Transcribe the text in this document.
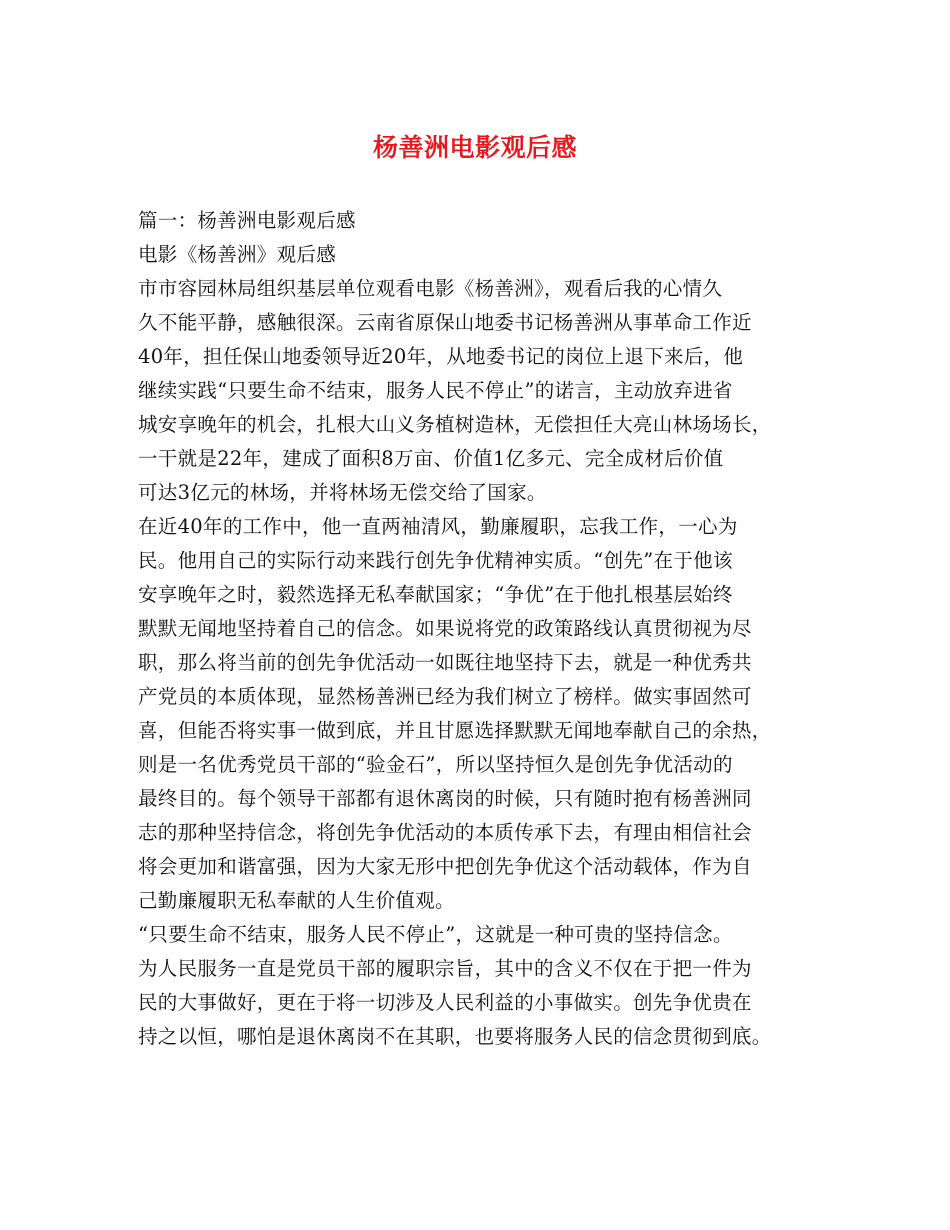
杨善洲电影观后感
篇一：杨善洲电影观后感
电影《杨善洲》观后感
市市容园林局组织基层单位观看电影《杨善洲》，观看后我的心情久
久不能平静，感触很深。云南省原保山地委书记杨善洲从事革命工作近
40年，担任保山地委领导近20年，从地委书记的岗位上退下来后，他
继续实践“只要生命不结束，服务人民不停止”的诺言，主动放弃进省
城安享晚年的机会，扎根大山义务植树造林，无偿担任大亮山林场场长，
一干就是22年，建成了面积8万亩、价值1亿多元、完全成材后价值
可达3亿元的林场，并将林场无偿交给了国家。
在近40年的工作中，他一直两袖清风，勤廉履职，忘我工作，一心为
民。他用自己的实际行动来践行创先争优精神实质。“创先”在于他该
安享晚年之时，毅然选择无私奉献国家；“争优”在于他扎根基层始终
默默无闻地坚持着自己的信念。如果说将党的政策路线认真贯彻视为尽
职，那么将当前的创先争优活动一如既往地坚持下去，就是一种优秀共
产党员的本质体现，显然杨善洲已经为我们树立了榜样。做实事固然可
喜，但能否将实事一做到底，并且甘愿选择默默无闻地奉献自己的余热，
则是一名优秀党员干部的“验金石”，所以坚持恒久是创先争优活动的
最终目的。每个领导干部都有退休离岗的时候，只有随时抱有杨善洲同
志的那种坚持信念，将创先争优活动的本质传承下去，有理由相信社会
将会更加和谐富强，因为大家无形中把创先争优这个活动载体，作为自
己勤廉履职无私奉献的人生价值观。
“只要生命不结束，服务人民不停止”，这就是一种可贵的坚持信念。
为人民服务一直是党员干部的履职宗旨，其中的含义不仅在于把一件为
民的大事做好，更在于将一切涉及人民利益的小事做实。创先争优贵在
持之以恒，哪怕是退休离岗不在其职，也要将服务人民的信念贯彻到底。
